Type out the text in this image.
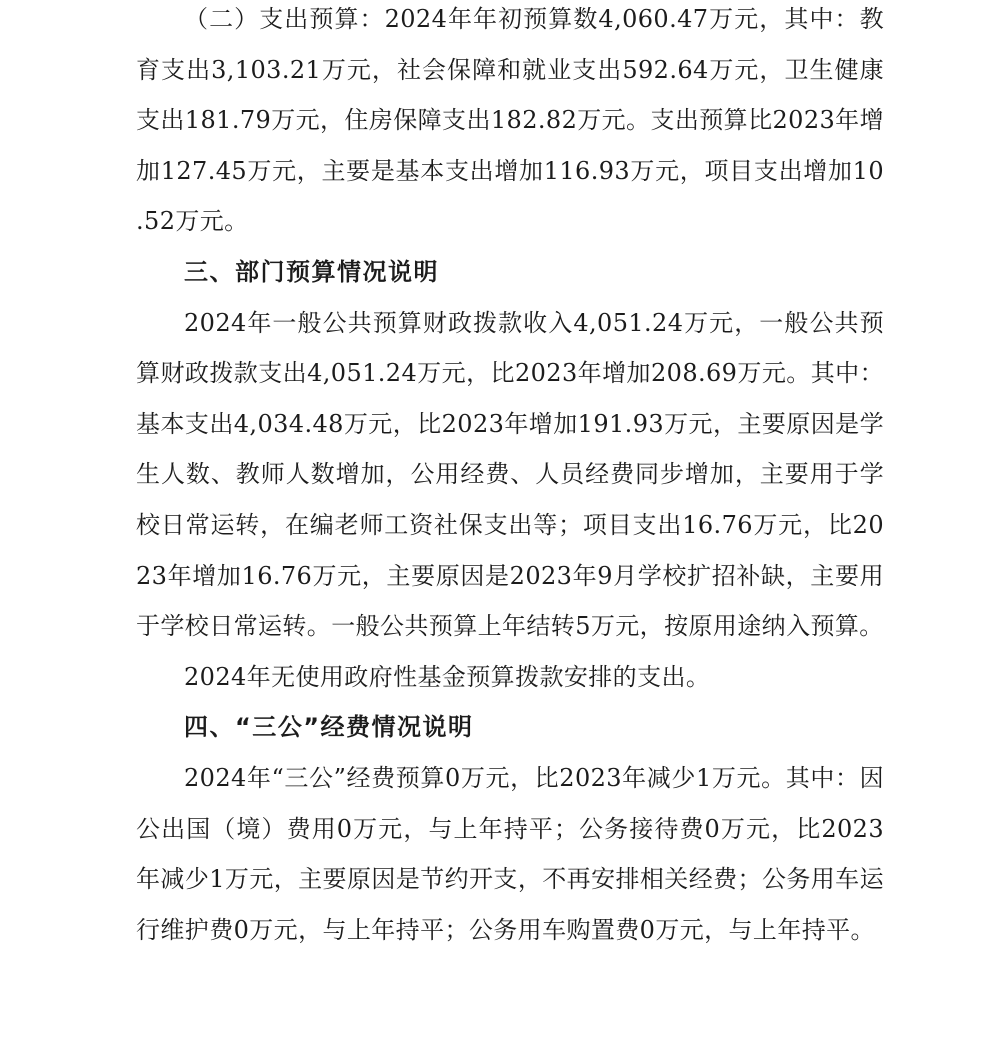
（二）支出预算：2024年年初预算数4,060.47万元，其中：教育支出3,103.21万元，社会保障和就业支出592.64万元，卫生健康支出181.79万元，住房保障支出182.82万元。支出预算比2023年增加127.45万元，主要是基本支出增加116.93万元，项目支出增加10.52万元。

三、部门预算情况说明

2024年一般公共预算财政拨款收入4,051.24万元，一般公共预算财政拨款支出4,051.24万元，比2023年增加208.69万元。其中：基本支出4,034.48万元，比2023年增加191.93万元，主要原因是学生人数、教师人数增加，公用经费、人员经费同步增加，主要用于学校日常运转，在编老师工资社保支出等；项目支出16.76万元，比2023年增加16.76万元，主要原因是2023年9月学校扩招补缺，主要用于学校日常运转。一般公共预算上年结转5万元，按原用途纳入预算。

2024年无使用政府性基金预算拨款安排的支出。

四、“三公”经费情况说明

2024年“三公”经费预算0万元，比2023年减少1万元。其中：因公出国（境）费用0万元，与上年持平；公务接待费0万元，比2023年减少1万元，主要原因是节约开支，不再安排相关经费；公务用车运行维护费0万元，与上年持平；公务用车购置费0万元，与上年持平。
